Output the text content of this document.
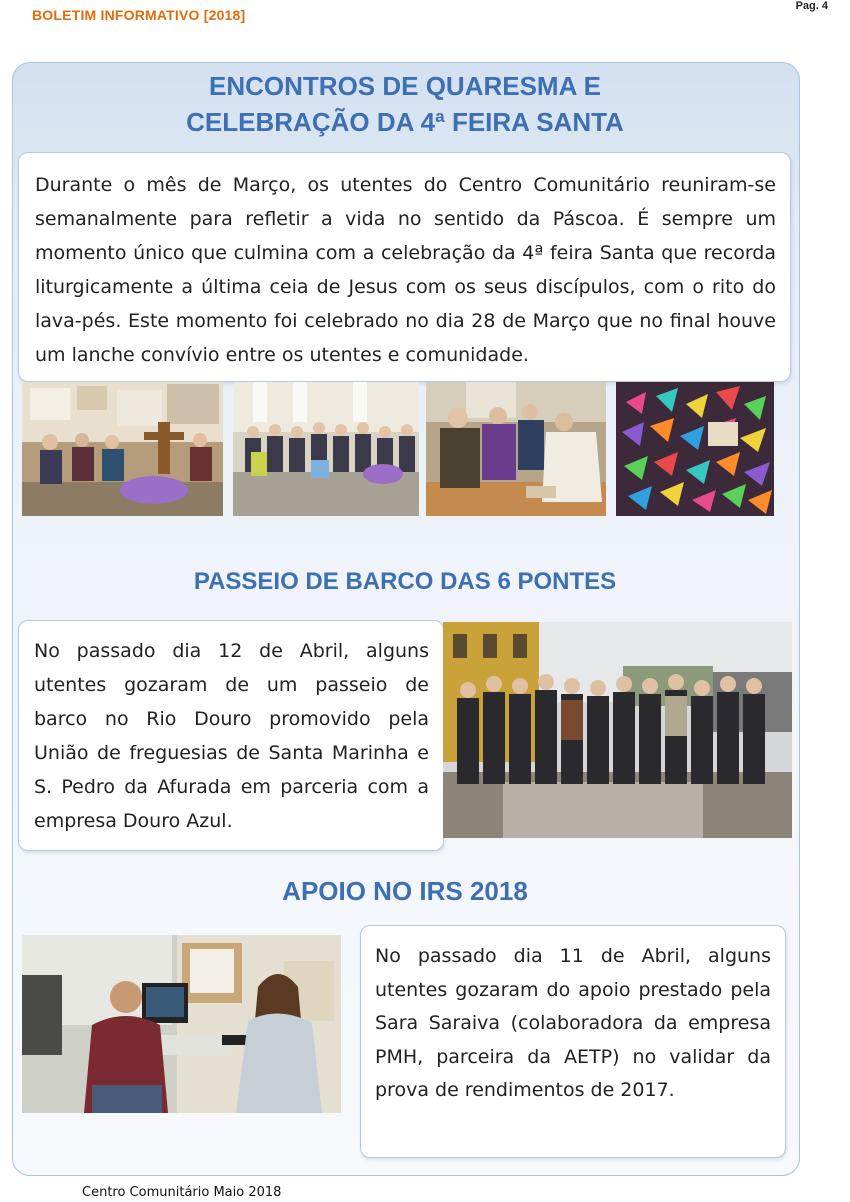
BOLETIM INFORMATIVO [2018]
Pag. 4
ENCONTROS DE QUARESMA E
CELEBRAÇÃO DA 4ª FEIRA SANTA

Durante o mês de Março, os utentes do Centro Comunitário reuniram-se semanalmente para refletir a vida no sentido da Páscoa. É sempre um momento único que culmina com a celebração da 4ª feira Santa que recorda liturgicamente a última ceia de Jesus com os seus discípulos, com o rito do lava-pés. Este momento foi celebrado no dia 28 de Março que no final houve um lanche convívio entre os utentes e comunidade.

PASSEIO DE BARCO DAS 6 PONTES

No passado dia 12 de Abril, alguns utentes gozaram de um passeio de barco no Rio Douro promovido pela União de freguesias de Santa Marinha e S. Pedro da Afurada em parceria com a empresa Douro Azul.

APOIO NO IRS 2018

No passado dia 11 de Abril, alguns utentes gozaram do apoio prestado pela Sara Saraiva (colaboradora da empresa PMH, parceira da AETP) no validar da prova de rendimentos de 2017.

Centro Comunitário Maio 2018
